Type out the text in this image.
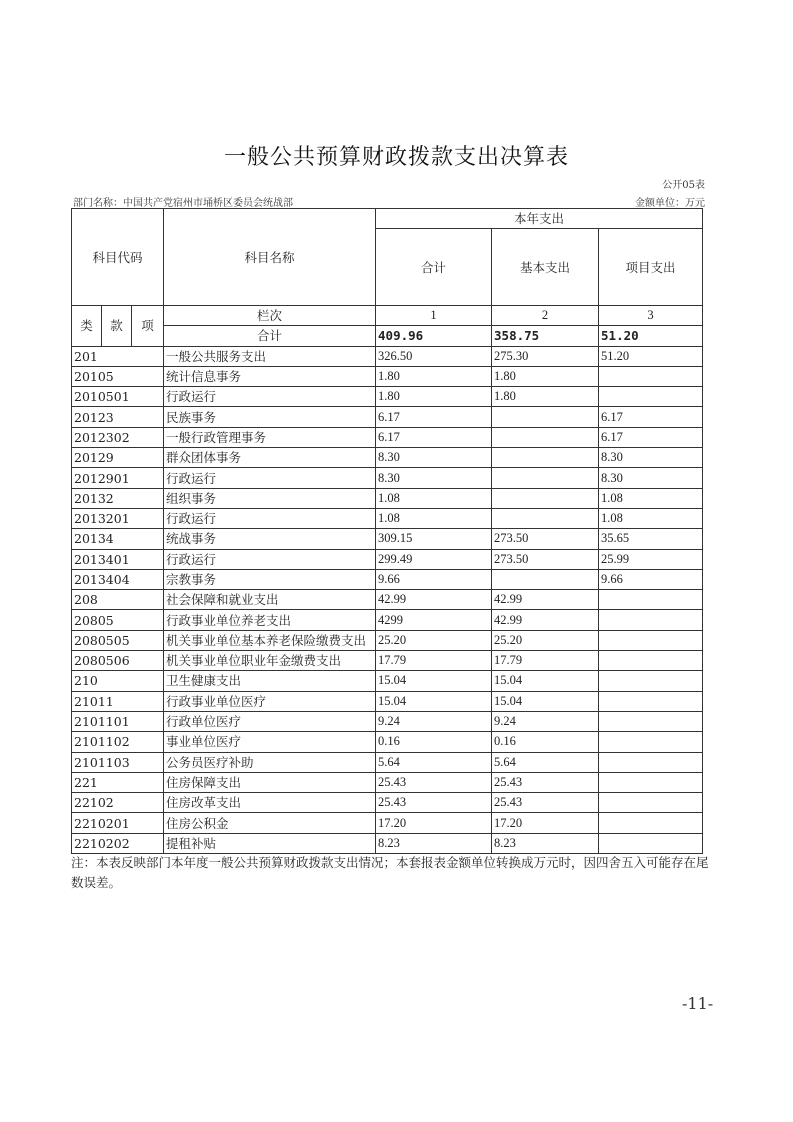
一般公共预算财政拨款支出决算表
公开05表
部门名称：中国共产党宿州市埇桥区委员会统战部	金额单位：万元
科目代码			科目名称	本年支出		
				合计	基本支出	项目支出
类	款	项	栏次	1	2	3
			合计	409.96	358.75	51.20
201			一般公共服务支出	326.50	275.30	51.20
20105			统计信息事务	1.80	1.80	
2010501			行政运行	1.80	1.80	
20123			民族事务	6.17		6.17
2012302			一般行政管理事务	6.17		6.17
20129			群众团体事务	8.30		8.30
2012901			行政运行	8.30		8.30
20132			组织事务	1.08		1.08
2013201			行政运行	1.08		1.08
20134			统战事务	309.15	273.50	35.65
2013401			行政运行	299.49	273.50	25.99
2013404			宗教事务	9.66		9.66
208			社会保障和就业支出	42.99	42.99	
20805			行政事业单位养老支出	4299	42.99	
2080505			机关事业单位基本养老保险缴费支出	25.20	25.20	
2080506			机关事业单位职业年金缴费支出	17.79	17.79	
210			卫生健康支出	15.04	15.04	
21011			行政事业单位医疗	15.04	15.04	
2101101			行政单位医疗	9.24	9.24	
2101102			事业单位医疗	0.16	0.16	
2101103			公务员医疗补助	5.64	5.64	
221			住房保障支出	25.43	25.43	
22102			住房改革支出	25.43	25.43	
2210201			住房公积金	17.20	17.20	
2210202			提租补贴	8.23	8.23	
注：本表反映部门本年度一般公共预算财政拨款支出情况；本套报表金额单位转换成万元时，因四舍五入可能存在尾数误差。
-11-
